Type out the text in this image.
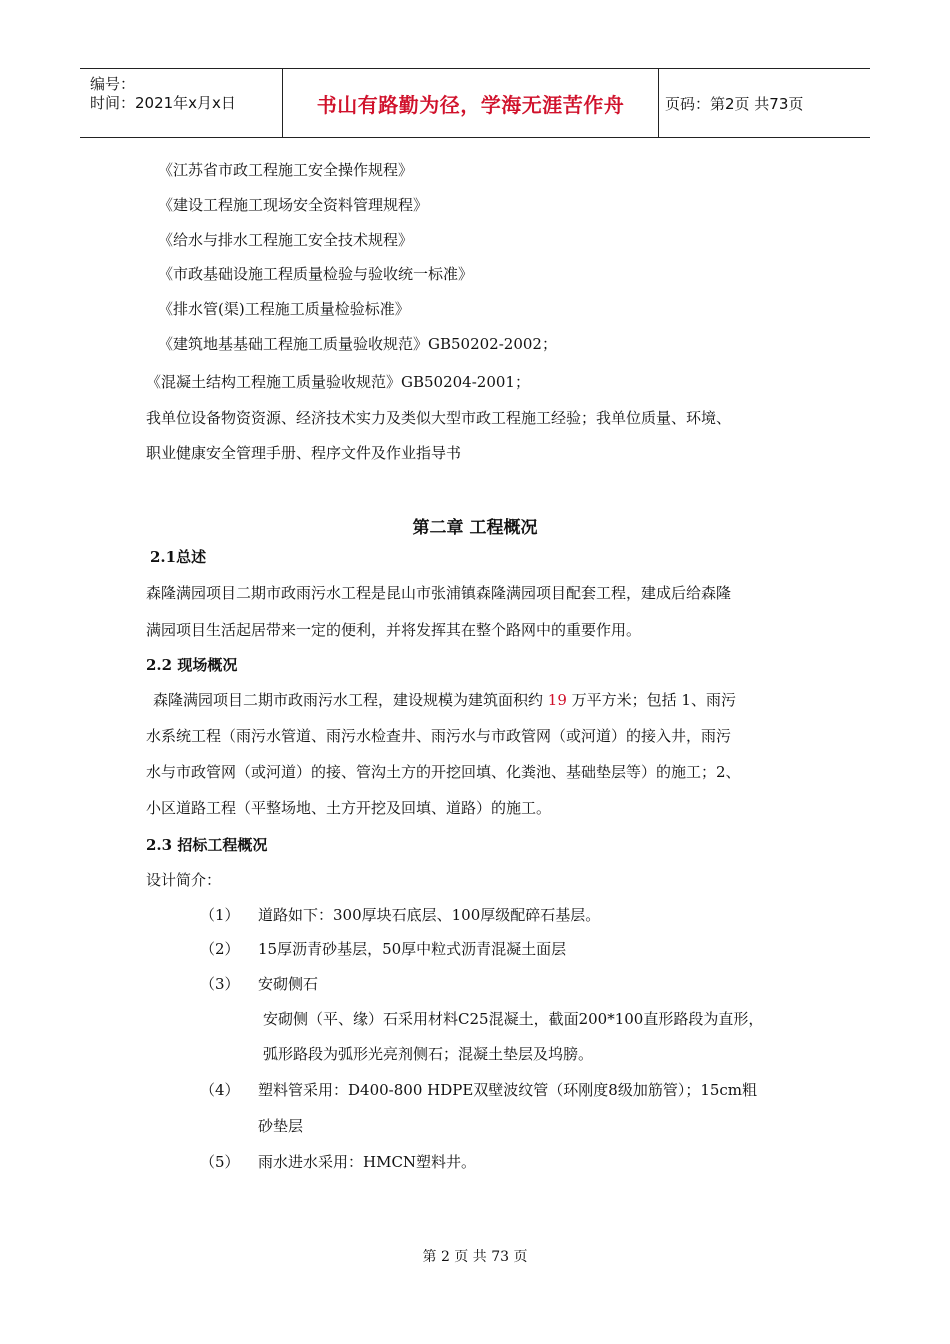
编号：
时间：2021年x月x日	书山有路勤为径，学海无涯苦作舟	页码：第2页 共73页
《江苏省市政工程施工安全操作规程》
《建设工程施工现场安全资料管理规程》
《给水与排水工程施工安全技术规程》
《市政基础设施工程质量检验与验收统一标准》
《排水管(渠)工程施工质量检验标准》
《建筑地基基础工程施工质量验收规范》GB50202-2002；
《混凝土结构工程施工质量验收规范》GB50204-2001；
我单位设备物资资源、经济技术实力及类似大型市政工程施工经验；我单位质量、环境、
职业健康安全管理手册、程序文件及作业指导书
第二章 工程概况
2.1总述
森隆满园项目二期市政雨污水工程是昆山市张浦镇森隆满园项目配套工程，建成后给森隆
满园项目生活起居带来一定的便利，并将发挥其在整个路网中的重要作用。
2.2 现场概况
森隆满园项目二期市政雨污水工程，建设规模为建筑面积约 19 万平方米；包括 1、雨污
水系统工程（雨污水管道、雨污水检查井、雨污水与市政管网（或河道）的接入井，雨污
水与市政管网（或河道）的接、管沟土方的开挖回填、化粪池、基础垫层等）的施工；2、
小区道路工程（平整场地、土方开挖及回填、道路）的施工。
2.3 招标工程概况
设计简介：
（1） 道路如下：300厚块石底层、100厚级配碎石基层。
（2） 15厚沥青砂基层，50厚中粒式沥青混凝土面层
（3） 安砌侧石
安砌侧（平、缘）石采用材料C25混凝土，截面200*100直形路段为直形，
弧形路段为弧形光亮剂侧石；混凝土垫层及坞膀。
（4） 塑料管采用：D400-800 HDPE双壁波纹管（环刚度8级加筋管）；15cm粗
砂垫层
（5） 雨水进水采用：HMCN塑料井。
第 2 页 共 73 页
